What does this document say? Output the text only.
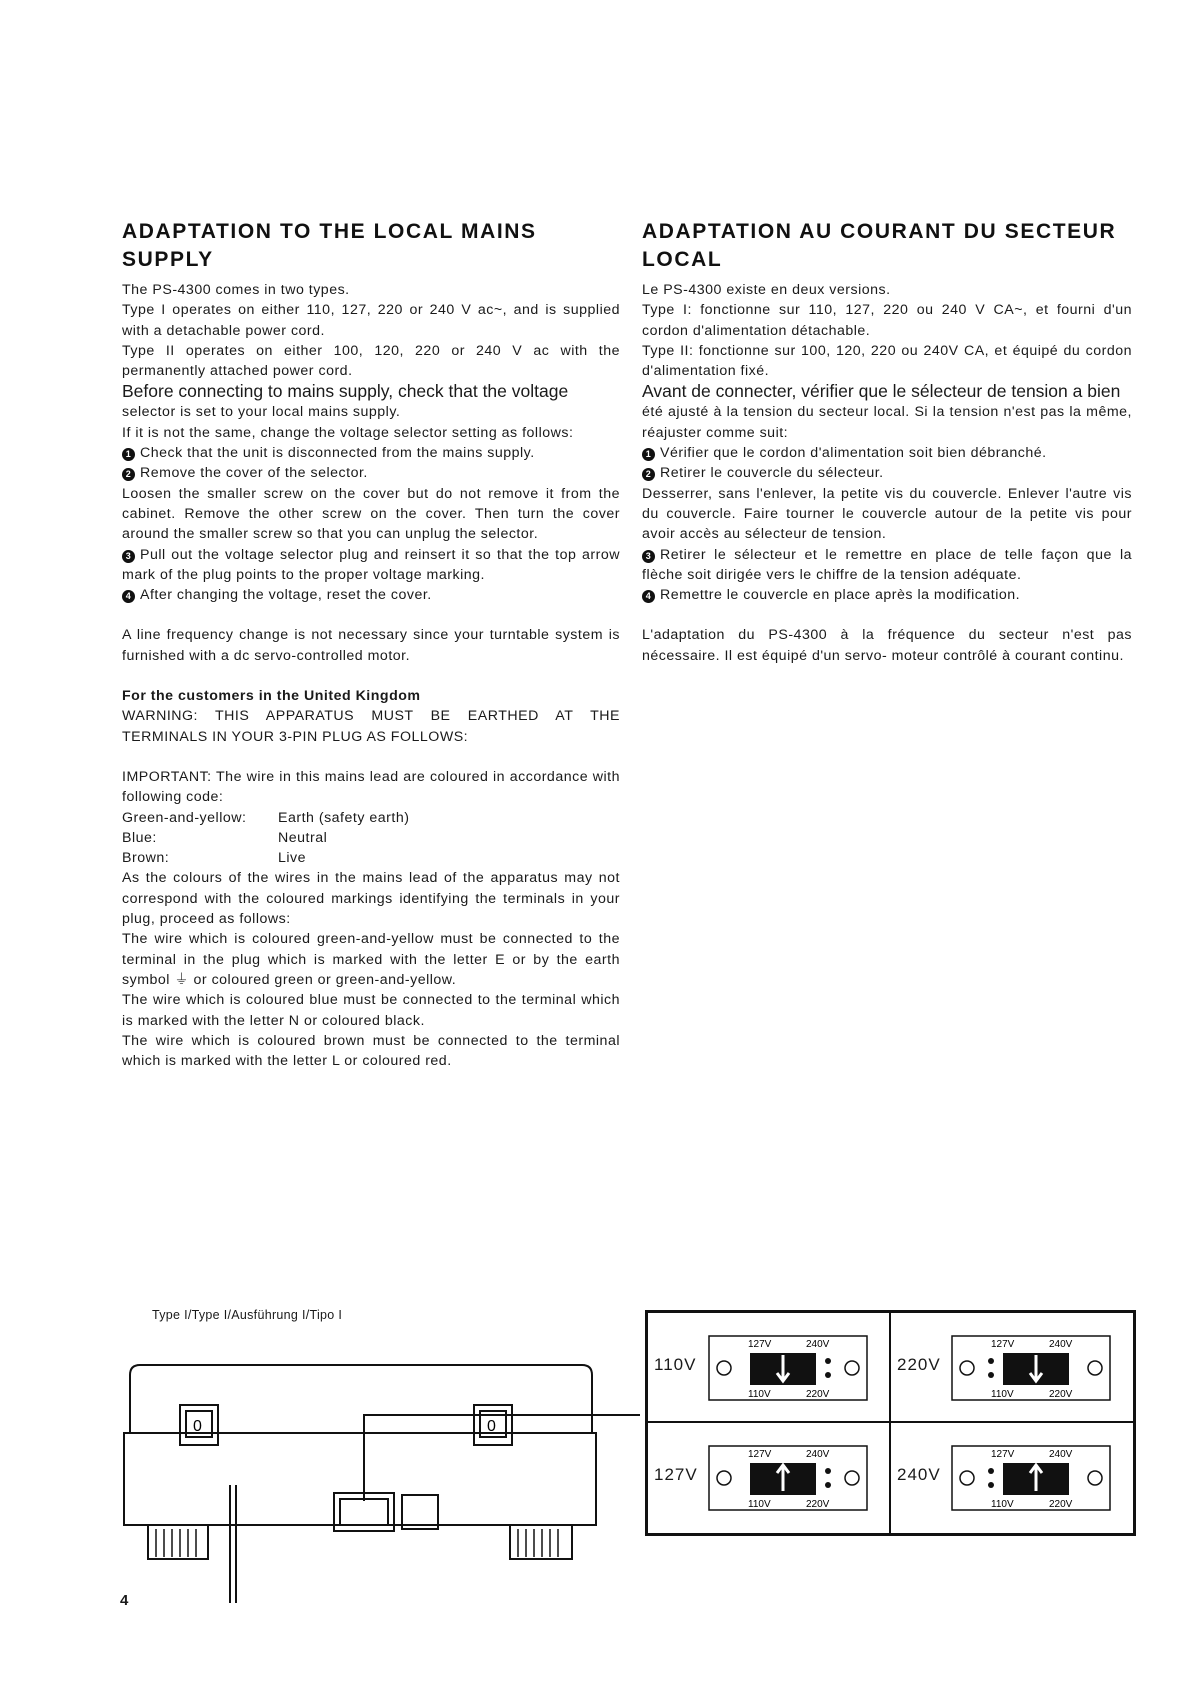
ADAPTATION TO THE LOCAL MAINS SUPPLY

The PS-4300 comes in two types.

Type I operates on either 110, 127, 220 or 240 V ac~, and is supplied with a detachable power cord.

Type II operates on either 100, 120, 220 or 240 V ac with the permanently attached power cord.

Before connecting to mains supply, check that the voltage

selector is set to your local mains supply.

If it is not the same, change the voltage selector setting as follows:

1 Check that the unit is disconnected from the mains supply.

2 Remove the cover of the selector.

Loosen the smaller screw on the cover but do not remove it from the cabinet. Remove the other screw on the cover. Then turn the cover around the smaller screw so that you can unplug the selector.

3 Pull out the voltage selector plug and reinsert it so that the top arrow mark of the plug points to the proper voltage marking.

4 After changing the voltage, reset the cover.

A line frequency change is not necessary since your turntable system is furnished with a dc servo-controlled motor.

For the customers in the United Kingdom

WARNING: THIS APPARATUS MUST BE EARTHED AT THE TERMINALS IN YOUR 3-PIN PLUG AS FOLLOWS:

IMPORTANT: The wire in this mains lead are coloured in accordance with following code:

Green-and-yellow:	Earth (safety earth)
Blue:	Neutral
Brown:	Live

As the colours of the wires in the mains lead of the apparatus may not correspond with the coloured markings identifying the terminals in your plug, proceed as follows:

The wire which is coloured green-and-yellow must be connected to the terminal in the plug which is marked with the letter E or by the earth symbol ⏚ or coloured green or green-and-yellow.

The wire which is coloured blue must be connected to the terminal which is marked with the letter N or coloured black.

The wire which is coloured brown must be connected to the terminal which is marked with the letter L or coloured red.

ADAPTATION AU COURANT DU SECTEUR LOCAL

Le PS-4300 existe en deux versions.

Type I: fonctionne sur 110, 127, 220 ou 240 V CA~, et fourni d'un cordon d'alimentation détachable.

Type II: fonctionne sur 100, 120, 220 ou 240V CA, et équipé du cordon d'alimentation fixé.

Avant de connecter, vérifier que le sélecteur de tension a bien

été ajusté à la tension du secteur local. Si la tension n'est pas la même, réajuster comme suit:

1 Vérifier que le cordon d'alimentation soit bien débranché.

2 Retirer le couvercle du sélecteur.

Desserrer, sans l'enlever, la petite vis du couvercle. Enlever l'autre vis du couvercle. Faire tourner le couvercle autour de la petite vis pour avoir accès au sélecteur de tension.

3 Retirer le sélecteur et le remettre en place de telle façon que la flèche soit dirigée vers le chiffre de la tension adéquate.

4 Remettre le couvercle en place après la modification.

L'adaptation du PS-4300 à la fréquence du secteur n'est pas nécessaire. Il est équipé d'un servo- moteur contrôlé à courant continu.

Type I/Type I/Ausführung I/Tipo I
0	0
110V
127V	240V
110V	220V
220V
127V	240V
110V	220V
127V
127V	240V
110V	220V
240V
127V	240V
110V	220V
4
